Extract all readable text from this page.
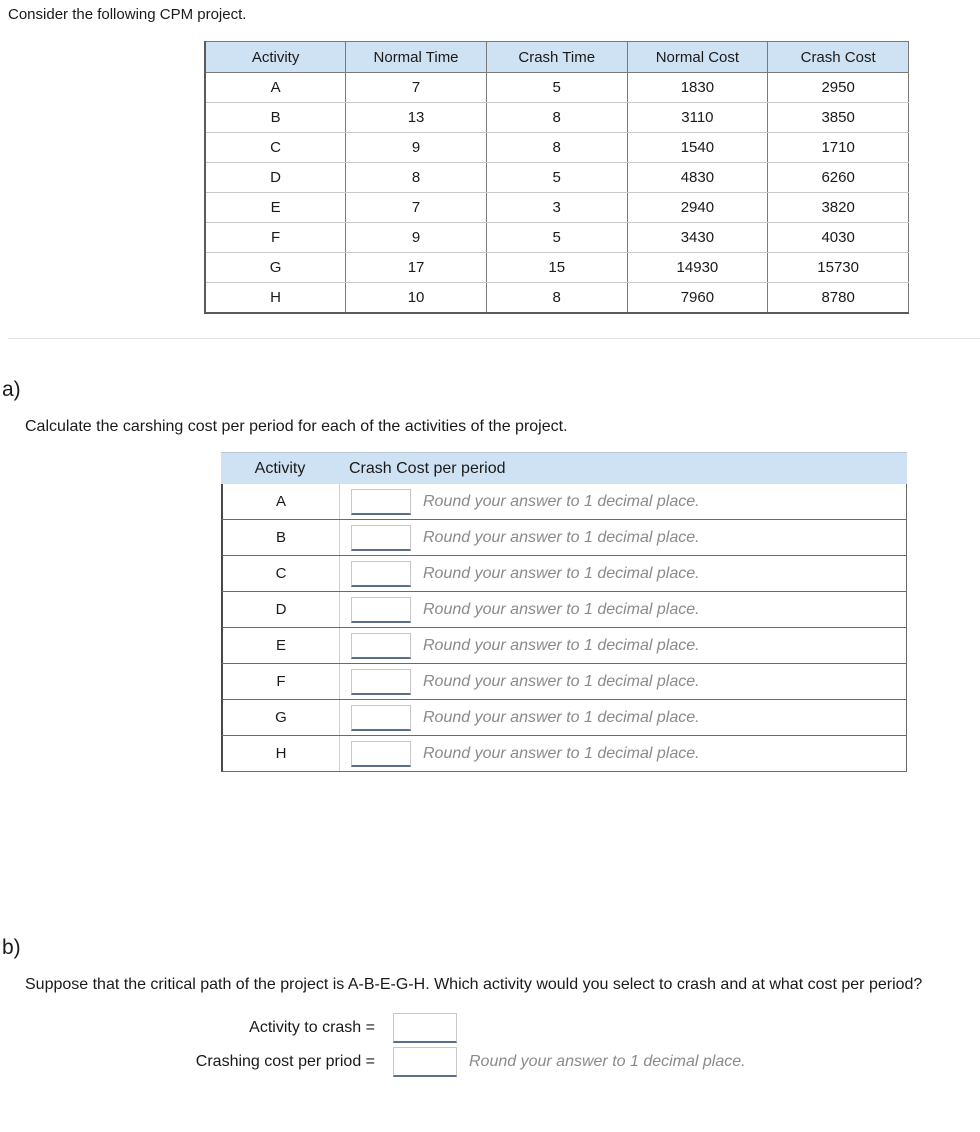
Consider the following CPM project.
Activity	Normal Time	Crash Time	Normal Cost	Crash Cost
A	7	5	1830	2950
B	13	8	3110	3850
C	9	8	1540	1710
D	8	5	4830	6260
E	7	3	2940	3820
F	9	5	3430	4030
G	17	15	14930	15730
H	10	8	7960	8780
a)
Calculate the carshing cost per period for each of the activities of the project.
Activity	Crash Cost per period
A	Round your answer to 1 decimal place.
B	Round your answer to 1 decimal place.
C	Round your answer to 1 decimal place.
D	Round your answer to 1 decimal place.
E	Round your answer to 1 decimal place.
F	Round your answer to 1 decimal place.
G	Round your answer to 1 decimal place.
H	Round your answer to 1 decimal place.
b)
Suppose that the critical path of the project is A-B-E-G-H. Which activity would you select to crash and at what cost per period?
Activity to crash =
Crashing cost per priod =	Round your answer to 1 decimal place.
